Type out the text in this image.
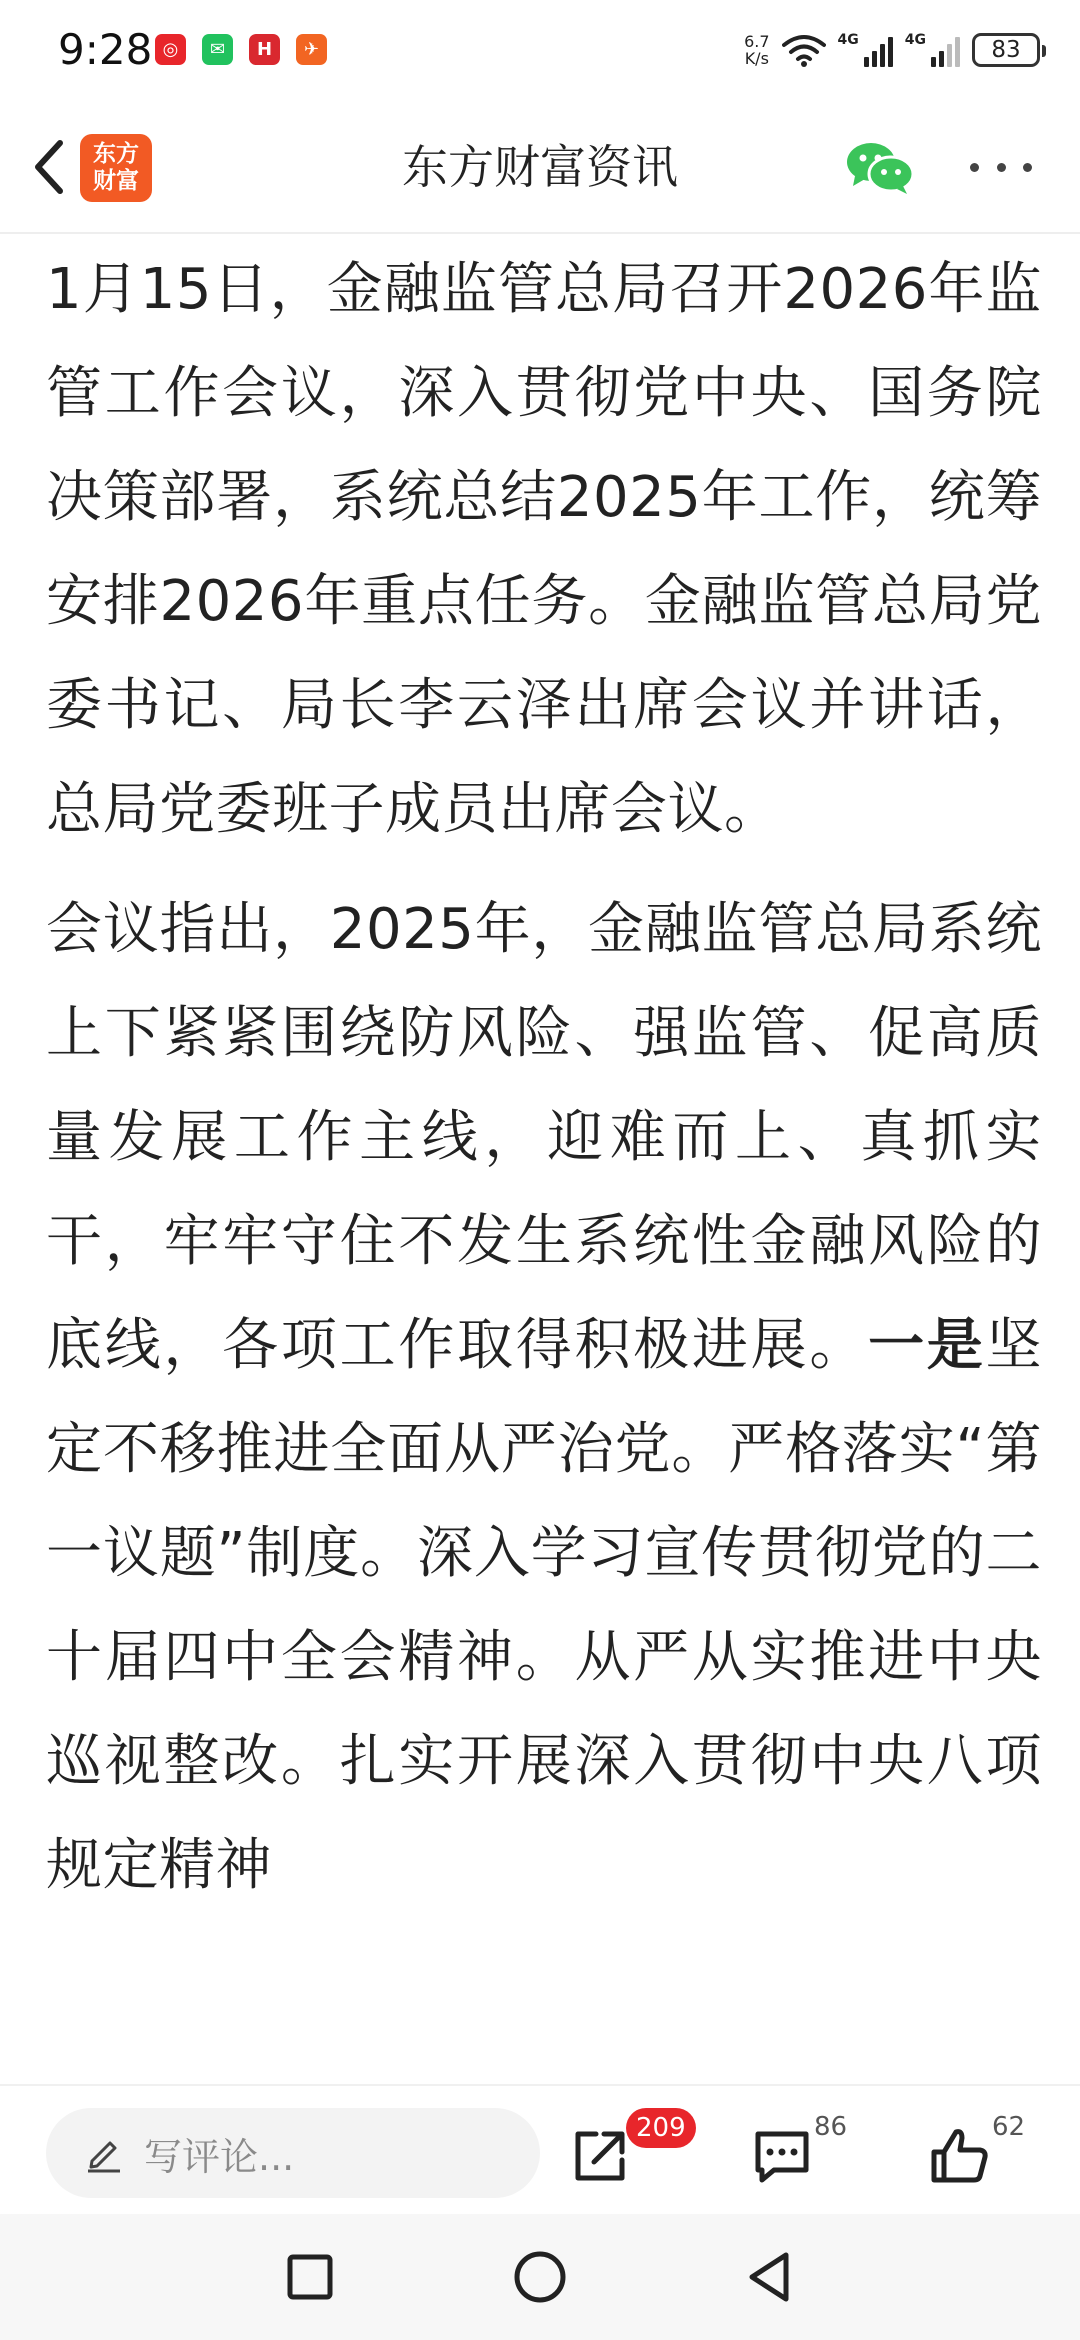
9:28 ◎	✉	H	✈	6.7
K/s
4G	4G	83
东方
财富	东方财富资讯

1月15日，金融监管总局召开2026年监管工作会议，深入贯彻党中央、国务院决策部署，系统总结2025年工作，统筹安排2026年重点任务。金融监管总局党委书记、局长李云泽出席会议并讲话，总局党委班子成员出席会议。

会议指出，2025年，金融监管总局系统上下紧紧围绕防风险、强监管、促高质量发展工作主线，迎难而上、真抓实干，牢牢守住不发生系统性金融风险的底线，各项工作取得积极进展。一是坚定不移推进全面从严治党。严格落实“第一议题”制度。深入学习宣传贯彻党的二十届四中全会精神。从严从实推进中央巡视整改。扎实开展深入贯彻中央八项规定精神

写评论...
209	86	62
